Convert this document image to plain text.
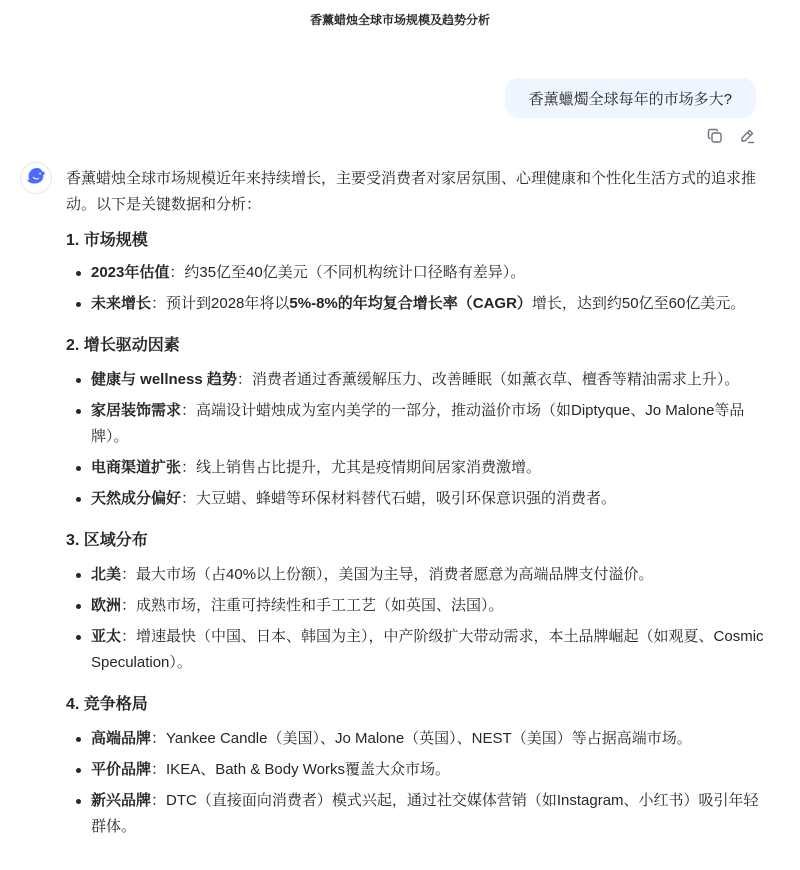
香薰蜡烛全球市场规模及趋势分析
香薰蠟燭全球每年的市场多大?

香薰蜡烛全球市场规模近年来持续增长，主要受消费者对家居氛围、心理健康和个性化生活方式的追求推动。以下是关键数据和分析：

1. 市场规模
2023年估值：约35亿至40亿美元（不同机构统计口径略有差异）。
未来增长：预计到2028年将以5%-8%的年均复合增长率（CAGR）增长，达到约50亿至60亿美元。
2. 增长驱动因素
健康与 wellness 趋势：消费者通过香薰缓解压力、改善睡眠（如薰衣草、檀香等精油需求上升）。
家居装饰需求：高端设计蜡烛成为室内美学的一部分，推动溢价市场（如Diptyque、Jo Malone等品牌）。
电商渠道扩张：线上销售占比提升，尤其是疫情期间居家消费激增。
天然成分偏好：大豆蜡、蜂蜡等环保材料替代石蜡，吸引环保意识强的消费者。
3. 区域分布
北美：最大市场（占40%以上份额），美国为主导，消费者愿意为高端品牌支付溢价。
欧洲：成熟市场，注重可持续性和手工工艺（如英国、法国）。
亚太：增速最快（中国、日本、韩国为主），中产阶级扩大带动需求，本土品牌崛起（如观夏、Cosmic Speculation）。
4. 竞争格局
高端品牌：Yankee Candle（美国）、Jo Malone（英国）、NEST（美国）等占据高端市场。
平价品牌：IKEA、Bath & Body Works覆盖大众市场。
新兴品牌：DTC（直接面向消费者）模式兴起，通过社交媒体营销（如Instagram、小红书）吸引年轻群体。
